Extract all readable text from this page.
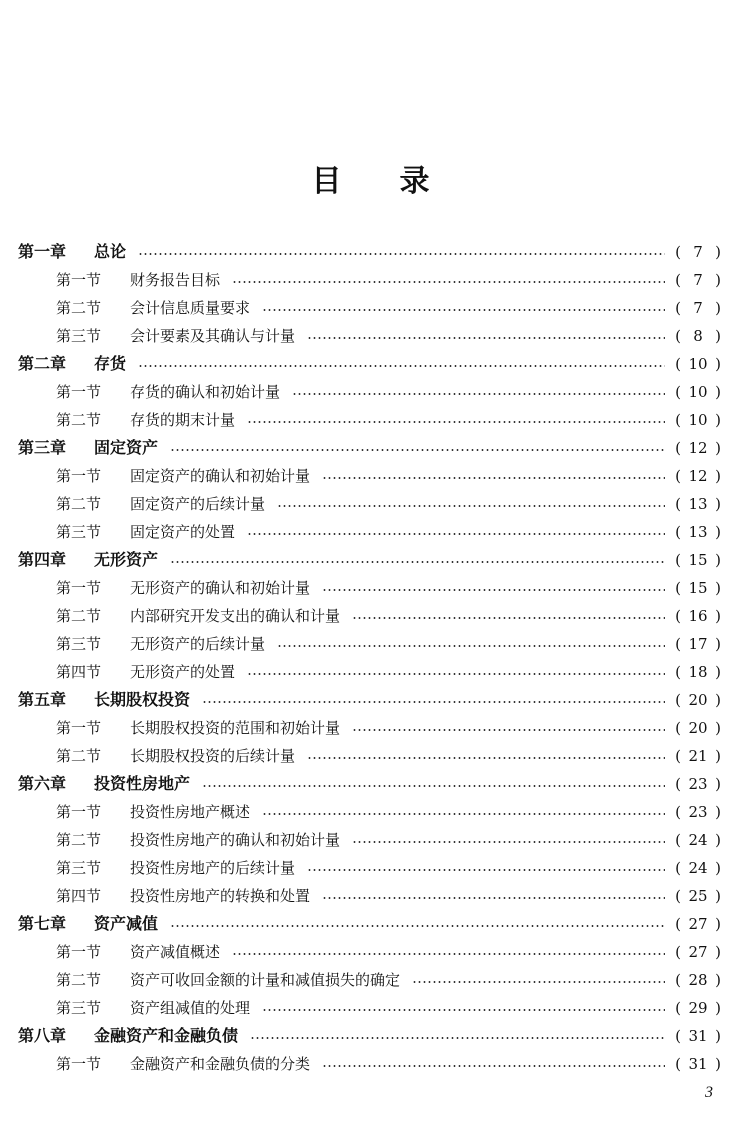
目 录
第一章	总论	( 7 )
第一节	财务报告目标	( 7 )
第二节	会计信息质量要求	( 7 )
第三节	会计要素及其确认与计量	( 8 )
第二章	存货	( 10 )
第一节	存货的确认和初始计量	( 10 )
第二节	存货的期末计量	( 10 )
第三章	固定资产	( 12 )
第一节	固定资产的确认和初始计量	( 12 )
第二节	固定资产的后续计量	( 13 )
第三节	固定资产的处置	( 13 )
第四章	无形资产	( 15 )
第一节	无形资产的确认和初始计量	( 15 )
第二节	内部研究开发支出的确认和计量	( 16 )
第三节	无形资产的后续计量	( 17 )
第四节	无形资产的处置	( 18 )
第五章	长期股权投资	( 20 )
第一节	长期股权投资的范围和初始计量	( 20 )
第二节	长期股权投资的后续计量	( 21 )
第六章	投资性房地产	( 23 )
第一节	投资性房地产概述	( 23 )
第二节	投资性房地产的确认和初始计量	( 24 )
第三节	投资性房地产的后续计量	( 24 )
第四节	投资性房地产的转换和处置	( 25 )
第七章	资产减值	( 27 )
第一节	资产减值概述	( 27 )
第二节	资产可收回金额的计量和减值损失的确定	( 28 )
第三节	资产组减值的处理	( 29 )
第八章	金融资产和金融负债	( 31 )
第一节	金融资产和金融负债的分类	( 31 )
3
